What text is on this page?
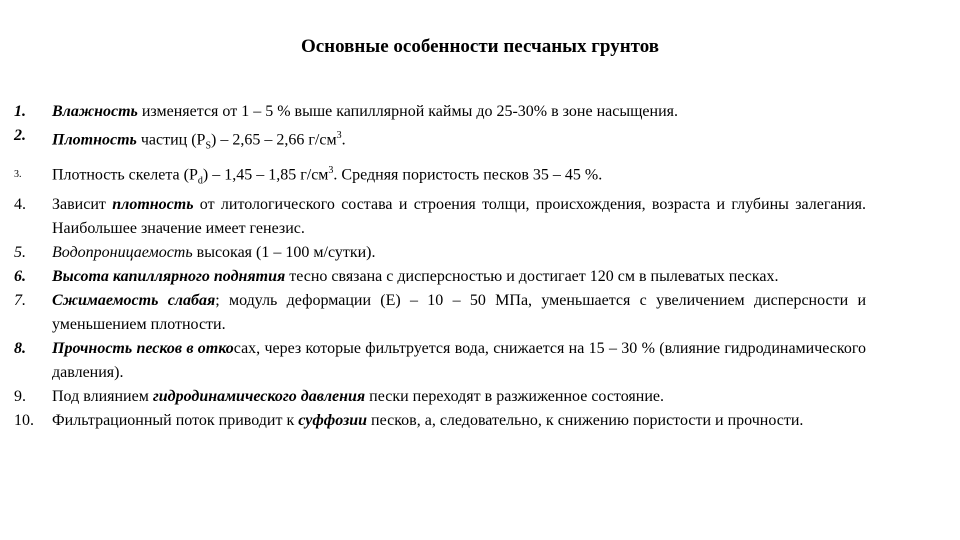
Основные особенности песчаных грунтов
1. Влажность изменяется от 1 – 5 % выше капиллярной каймы до 25-30% в зоне насыщения.
2. Плотность частиц $(Р_S) - 2,65 - 2,66$ $г/см^3$.
3. Плотность скелета $(Р_d) - 1,45 - 1,85$ $г/см^3$. Средняя пористость песков 35 – 45 %.
4. Зависит плотность от литологического состава и строения толщи, происхождения, возраста и глубины залегания. Наибольшее значение имеет генезис.
5. Водопроницаемость высокая (1 – 100 м/сутки).
6. Высота капиллярного поднятия тесно связана с дисперсностью и достигает 120 см в пылеватых песках.
7. Сжимаемость слабая; модуль деформации (Е) – 10 – 50 МПа, уменьшается с увеличением дисперсности и уменьшением плотности.
8. Прочность песков в откосах, через которые фильтруется вода, снижается на 15 – 30 % (влияние гидродинамического давления).
9. Под влиянием гидродинамического давления пески переходят в разжиженное состояние.
10. Фильтрационный поток приводит к суффозии песков, а, следовательно, к снижению пористости и прочности.
